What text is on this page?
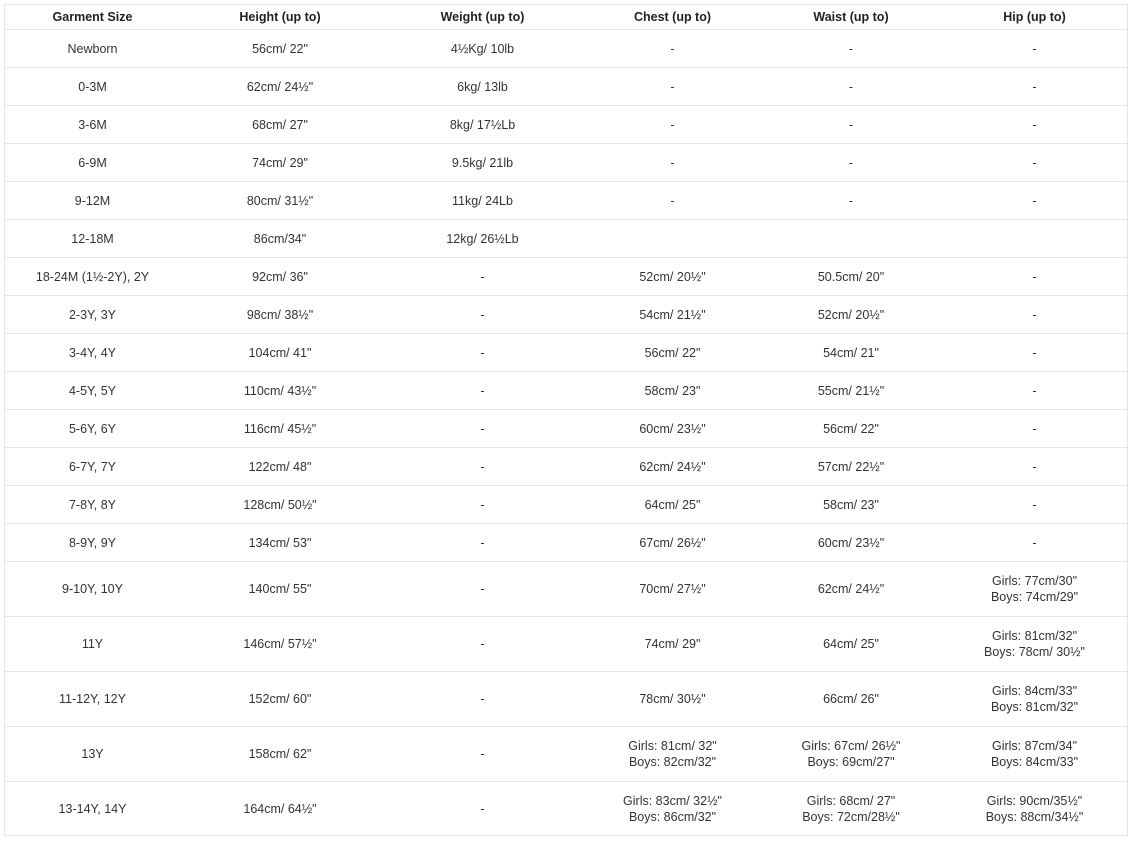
Garment Size	Height (up to)	Weight (up to)	Chest (up to)	Waist (up to)	Hip (up to)
Newborn	56cm/ 22"	4½Kg/ 10lb	-	-	-
0-3M	62cm/ 24½"	6kg/ 13lb	-	-	-
3-6M	68cm/ 27"	8kg/ 17½Lb	-	-	-
6-9M	74cm/ 29"	9.5kg/ 21lb	-	-	-
9-12M	80cm/ 31½"	11kg/ 24Lb	-	-	-
12-18M	86cm/34"	12kg/ 26½Lb			
18-24M (1½-2Y), 2Y	92cm/ 36"	-	52cm/ 20½"	50.5cm/ 20"	-
2-3Y, 3Y	98cm/ 38½"	-	54cm/ 21½"	52cm/ 20½"	-
3-4Y, 4Y	104cm/ 41"	-	56cm/ 22"	54cm/ 21"	-
4-5Y, 5Y	110cm/ 43½"	-	58cm/ 23"	55cm/ 21½"	-
5-6Y, 6Y	116cm/ 45½"	-	60cm/ 23½"	56cm/ 22"	-
6-7Y, 7Y	122cm/ 48"	-	62cm/ 24½"	57cm/ 22½"	-
7-8Y, 8Y	128cm/ 50½"	-	64cm/ 25"	58cm/ 23"	-
8-9Y, 9Y	134cm/ 53"	-	67cm/ 26½"	60cm/ 23½"	-
9-10Y, 10Y	140cm/ 55"	-	70cm/ 27½"	62cm/ 24½"	Girls: 77cm/30"
Boys: 74cm/29"
11Y	146cm/ 57½"	-	74cm/ 29"	64cm/ 25"	Girls: 81cm/32"
Boys: 78cm/ 30½"
11-12Y, 12Y	152cm/ 60"	-	78cm/ 30½"	66cm/ 26"	Girls: 84cm/33"
Boys: 81cm/32"
13Y	158cm/ 62"	-	Girls: 81cm/ 32"
Boys: 82cm/32"	Girls: 67cm/ 26½"
Boys: 69cm/27"	Girls: 87cm/34"
Boys: 84cm/33"
13-14Y, 14Y	164cm/ 64½"	-	Girls: 83cm/ 32½"
Boys: 86cm/32"	Girls: 68cm/ 27"
Boys: 72cm/28½"	Girls: 90cm/35½"
Boys: 88cm/34½"
